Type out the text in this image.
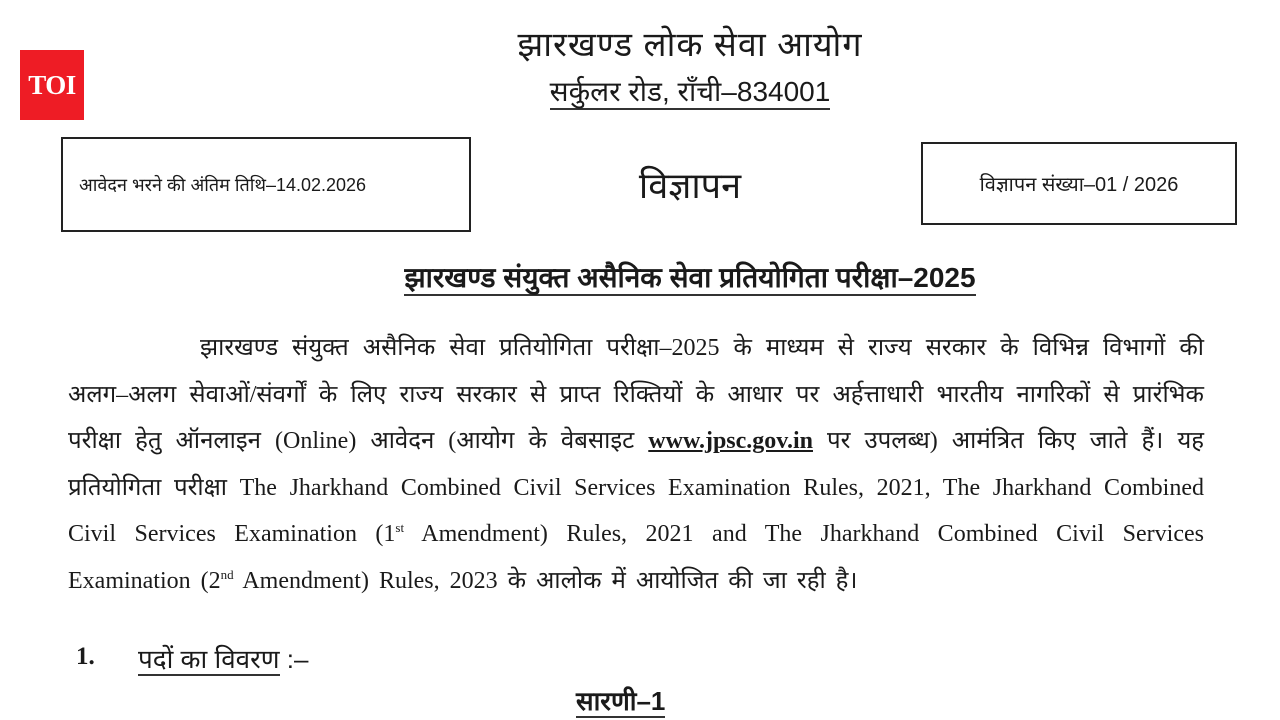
TOI
झारखण्ड लोक सेवा आयोग
सर्कुलर रोड, राँची–834001
आवेदन भरने की अंतिम तिथि–14.02.2026	विज्ञापन	विज्ञापन संख्या–01 / 2026
झारखण्ड संयुक्त असैनिक सेवा प्रतियोगिता परीक्षा–2025
झारखण्ड संयुक्त असैनिक सेवा प्रतियोगिता परीक्षा–2025 के माध्यम से राज्य सरकार के विभिन्न विभागों की अलग–अलग सेवाओं/संवर्गों के लिए राज्य सरकार से प्राप्त रिक्तियों के आधार पर अर्हत्ताधारी भारतीय नागरिकों से प्रारंभिक परीक्षा हेतु ऑनलाइन (Online) आवेदन (आयोग के वेबसाइट www.jpsc.gov.in पर उपलब्ध) आमंत्रित किए जाते हैं। यह प्रतियोगिता परीक्षा The Jharkhand Combined Civil Services Examination Rules, 2021, The Jharkhand Combined Civil Services Examination (1st Amendment) Rules, 2021 and The Jharkhand Combined Civil Services Examination (2nd Amendment) Rules, 2023 के आलोक में आयोजित की जा रही है।
1. पदों का विवरण :–
सारणी–1
